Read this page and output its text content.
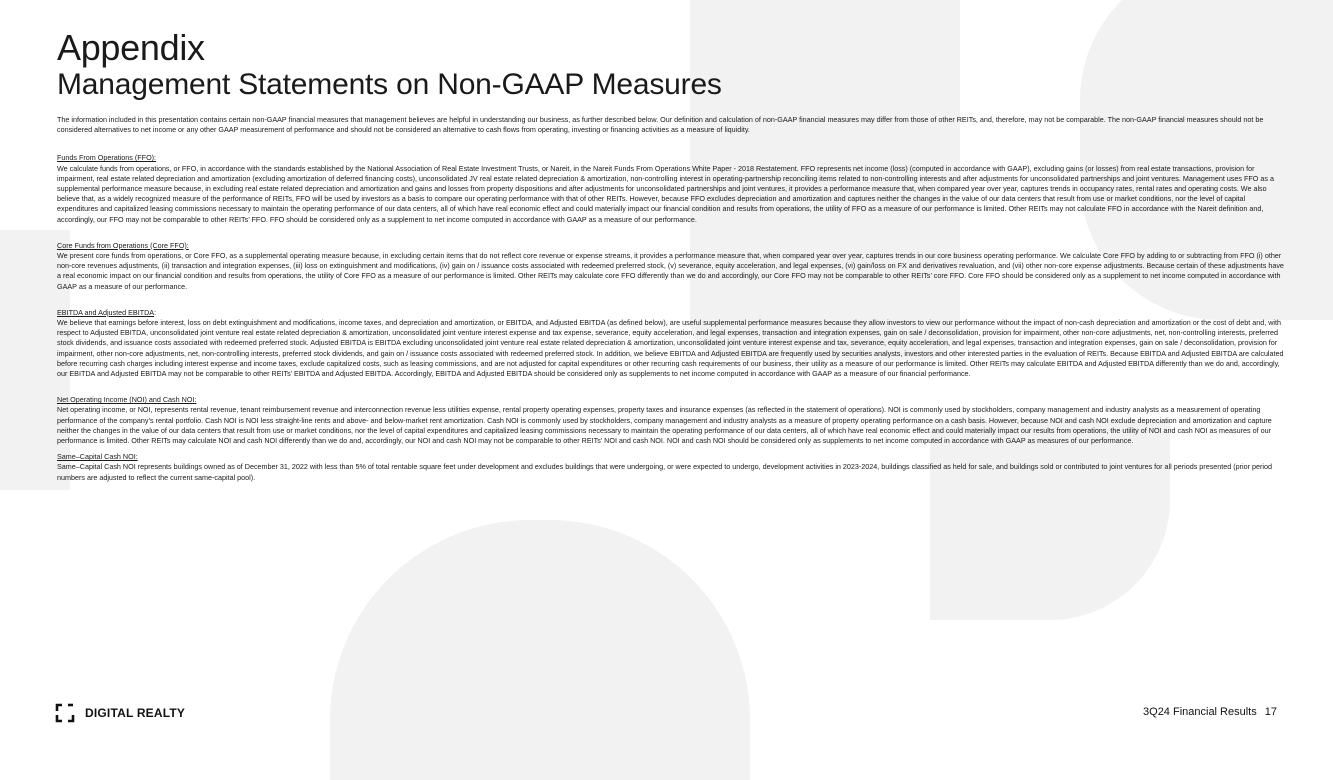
Appendix
Management Statements on Non-GAAP Measures

The information included in this presentation contains certain non-GAAP financial measures that management believes are helpful in understanding our business, as further described below. Our definition and calculation of non-GAAP financial measures may differ from those of other REITs, and, therefore, may not be comparable. The non-GAAP financial measures should not be considered alternatives to net income or any other GAAP measurement of performance and should not be considered an alternative to cash flows from operating, investing or financing activities as a measure of liquidity.

Funds From Operations (FFO):

We calculate funds from operations, or FFO, in accordance with the standards established by the National Association of Real Estate Investment Trusts, or Nareit, in the Nareit Funds From Operations White Paper - 2018 Restatement. FFO represents net income (loss) (computed in accordance with GAAP), excluding gains (or losses) from real estate transactions, provision for impairment, real estate related depreciation and amortization (excluding amortization of deferred financing costs), unconsolidated JV real estate related depreciation & amortization, non-controlling interest in operating-partnership reconciling items related to non-controlling interests and after adjustments for unconsolidated partnerships and joint ventures. Management uses FFO as a supplemental performance measure because, in excluding real estate related depreciation and amortization and gains and losses from property dispositions and after adjustments for unconsolidated partnerships and joint ventures, it provides a performance measure that, when compared year over year, captures trends in occupancy rates, rental rates and operating costs. We also believe that, as a widely recognized measure of the performance of REITs, FFO will be used by investors as a basis to compare our operating performance with that of other REITs. However, because FFO excludes depreciation and amortization and captures neither the changes in the value of our data centers that result from use or market conditions, nor the level of capital expenditures and capitalized leasing commissions necessary to maintain the operating performance of our data centers, all of which have real economic effect and could materially impact our financial condition and results from operations, the utility of FFO as a measure of our performance is limited. Other REITs may not calculate FFO in accordance with the Nareit definition and, accordingly, our FFO may not be comparable to other REITs’ FFO. FFO should be considered only as a supplement to net income computed in accordance with GAAP as a measure of our performance.

Core Funds from Operations (Core FFO):

We present core funds from operations, or Core FFO, as a supplemental operating measure because, in excluding certain items that do not reflect core revenue or expense streams, it provides a performance measure that, when compared year over year, captures trends in our core business operating performance. We calculate Core FFO by adding to or subtracting from FFO (i) other non-core revenues adjustments, (ii) transaction and integration expenses, (iii) loss on extinguishment and modifications, (iv) gain on / issuance costs associated with redeemed preferred stock, (v) severance, equity acceleration, and legal expenses, (vi) gain/loss on FX and derivatives revaluation, and (vii) other non-core expense adjustments. Because certain of these adjustments have a real economic impact on our financial condition and results from operations, the utility of Core FFO as a measure of our performance is limited. Other REITs may calculate core FFO differently than we do and accordingly, our Core FFO may not be comparable to other REITs’ core FFO. Core FFO should be considered only as a supplement to net income computed in accordance with GAAP as a measure of our performance.

EBITDA and Adjusted EBITDA:

We believe that earnings before interest, loss on debt extinguishment and modifications, income taxes, and depreciation and amortization, or EBITDA, and Adjusted EBITDA (as defined below), are useful supplemental performance measures because they allow investors to view our performance without the impact of non-cash depreciation and amortization or the cost of debt and, with respect to Adjusted EBITDA, unconsolidated joint venture real estate related depreciation & amortization, unconsolidated joint venture interest expense and tax expense, severance, equity acceleration, and legal expenses, transaction and integration expenses, gain on sale / deconsolidation, provision for impairment, other non-core adjustments, net, non-controlling interests, preferred stock dividends, and issuance costs associated with redeemed preferred stock. Adjusted EBITDA is EBITDA excluding unconsolidated joint venture real estate related depreciation & amortization, unconsolidated joint venture interest expense and tax, severance, equity acceleration, and legal expenses, transaction and integration expenses, gain on sale / deconsolidation, provision for impairment, other non-core adjustments, net, non-controlling interests, preferred stock dividends, and gain on / issuance costs associated with redeemed preferred stock. In addition, we believe EBITDA and Adjusted EBITDA are frequently used by securities analysts, investors and other interested parties in the evaluation of REITs. Because EBITDA and Adjusted EBITDA are calculated before recurring cash charges including interest expense and income taxes, exclude capitalized costs, such as leasing commissions, and are not adjusted for capital expenditures or other recurring cash requirements of our business, their utility as a measure of our performance is limited. Other REITs may calculate EBITDA and Adjusted EBITDA differently than we do and, accordingly, our EBITDA and Adjusted EBITDA may not be comparable to other REITs’ EBITDA and Adjusted EBITDA. Accordingly, EBITDA and Adjusted EBITDA should be considered only as supplements to net income computed in accordance with GAAP as a measure of our financial performance.

Net Operating Income (NOI) and Cash NOI:

Net operating income, or NOI, represents rental revenue, tenant reimbursement revenue and interconnection revenue less utilities expense, rental property operating expenses, property taxes and insurance expenses (as reflected in the statement of operations). NOI is commonly used by stockholders, company management and industry analysts as a measurement of operating performance of the company’s rental portfolio. Cash NOI is NOI less straight-line rents and above- and below-market rent amortization. Cash NOI is commonly used by stockholders, company management and industry analysts as a measure of property operating performance on a cash basis. However, because NOI and cash NOI exclude depreciation and amortization and capture neither the changes in the value of our data centers that result from use or market conditions, nor the level of capital expenditures and capitalized leasing commissions necessary to maintain the operating performance of our data centers, all of which have real economic effect and could materially impact our results from operations, the utility of NOI and cash NOI as measures of our performance is limited. Other REITs may calculate NOI and cash NOI differently than we do and, accordingly, our NOI and cash NOI may not be comparable to other REITs’ NOI and cash NOI. NOI and cash NOI should be considered only as supplements to net income computed in accordance with GAAP as measures of our performance.

Same–Capital Cash NOI:

Same–Capital Cash NOI represents buildings owned as of December 31, 2022 with less than 5% of total rentable square feet under development and excludes buildings that were undergoing, or were expected to undergo, development activities in 2023-2024, buildings classified as held for sale, and buildings sold or contributed to joint ventures for all periods presented (prior period numbers are adjusted to reflect the current same-capital pool).

DIGITAL REALTY	3Q24 Financial Results 17
